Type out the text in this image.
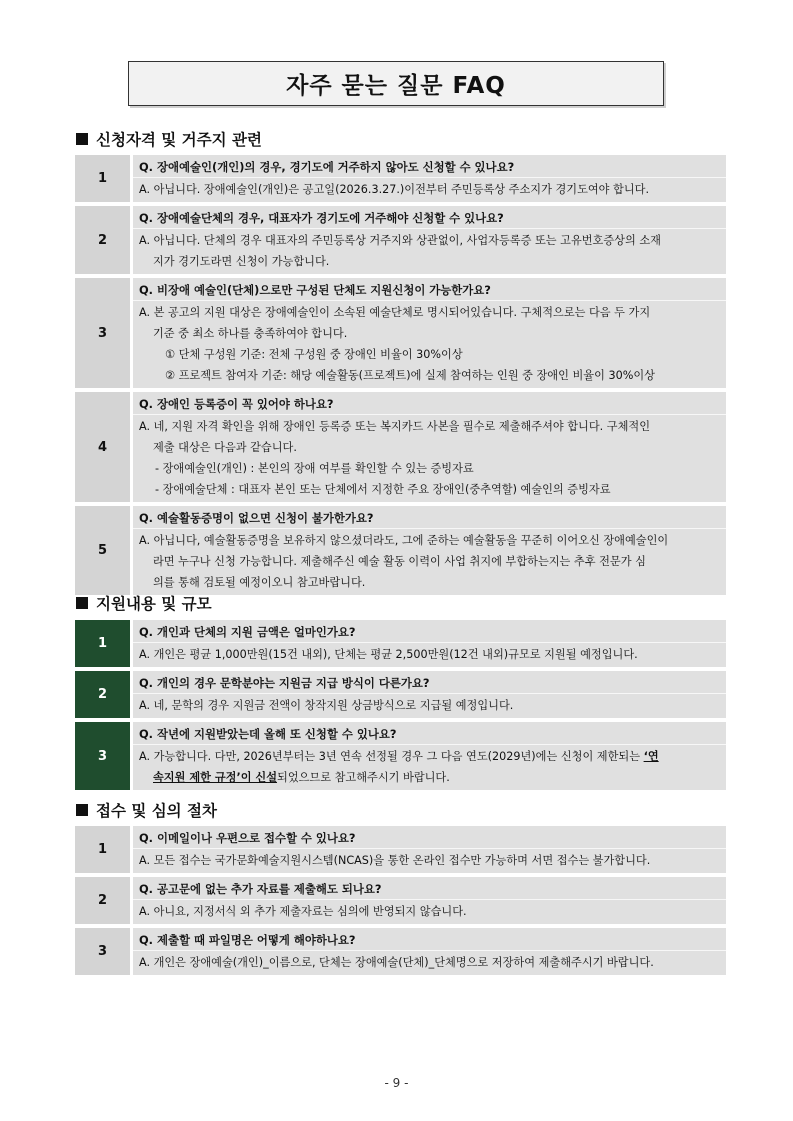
자주 묻는 질문 FAQ
신청자격 및 거주지 관련
1
Q. 장애예술인(개인)의 경우, 경기도에 거주하지 않아도 신청할 수 있나요?
A. 아닙니다. 장애예술인(개인)은 공고일(2026.3.27.)이전부터 주민등록상 주소지가 경기도여야 합니다.
2
Q. 장애예술단체의 경우, 대표자가 경기도에 거주해야 신청할 수 있나요?
A. 아닙니다. 단체의 경우 대표자의 주민등록상 거주지와 상관없이, 사업자등록증 또는 고유번호증상의 소재
지가 경기도라면 신청이 가능합니다.
3
Q. 비장애 예술인(단체)으로만 구성된 단체도 지원신청이 가능한가요?
A. 본 공고의 지원 대상은 장애예술인이 소속된 예술단체로 명시되어있습니다. 구체적으로는 다음 두 가지
기준 중 최소 하나를 충족하여야 합니다.
① 단체 구성원 기준: 전체 구성원 중 장애인 비율이 30%이상
② 프로젝트 참여자 기준: 해당 예술활동(프로젝트)에 실제 참여하는 인원 중 장애인 비율이 30%이상
4
Q. 장애인 등록증이 꼭 있어야 하나요?
A. 네, 지원 자격 확인을 위해 장애인 등록증 또는 복지카드 사본을 필수로 제출해주셔야 합니다. 구체적인
제출 대상은 다음과 같습니다.
- 장애예술인(개인) : 본인의 장애 여부를 확인할 수 있는 증빙자료
- 장애예술단체 : 대표자 본인 또는 단체에서 지정한 주요 장애인(중추역할) 예술인의 증빙자료
5
Q. 예술활동증명이 없으면 신청이 불가한가요?
A. 아닙니다, 예술활동증명을 보유하지 않으셨더라도, 그에 준하는 예술활동을 꾸준히 이어오신 장애예술인이
라면 누구나 신청 가능합니다. 제출해주신 예술 활동 이력이 사업 취지에 부합하는지는 추후 전문가 심
의를 통해 검토될 예정이오니 참고바랍니다.
지원내용 및 규모
1
Q. 개인과 단체의 지원 금액은 얼마인가요?
A. 개인은 평균 1,000만원(15건 내외), 단체는 평균 2,500만원(12건 내외)규모로 지원될 예정입니다.
2
Q. 개인의 경우 문학분야는 지원금 지급 방식이 다른가요?
A. 네, 문학의 경우 지원금 전액이 창작지원 상금방식으로 지급될 예정입니다.
3
Q. 작년에 지원받았는데 올해 또 신청할 수 있나요?
A. 가능합니다. 다만, 2026년부터는 3년 연속 선정될 경우 그 다음 연도(2029년)에는 신청이 제한되는 ‘연
속지원 제한 규정’이 신설되었으므로 참고해주시기 바랍니다.
접수 및 심의 절차
1
Q. 이메일이나 우편으로 접수할 수 있나요?
A. 모든 접수는 국가문화예술지원시스템(NCAS)을 통한 온라인 접수만 가능하며 서면 접수는 불가합니다.
2
Q. 공고문에 없는 추가 자료를 제출해도 되나요?
A. 아니요, 지정서식 외 추가 제출자료는 심의에 반영되지 않습니다.
3
Q. 제출할 때 파일명은 어떻게 해야하나요?
A. 개인은 장애예술(개인)_이름으로, 단체는 장애예술(단체)_단체명으로 저장하여 제출해주시기 바랍니다.
- 9 -
